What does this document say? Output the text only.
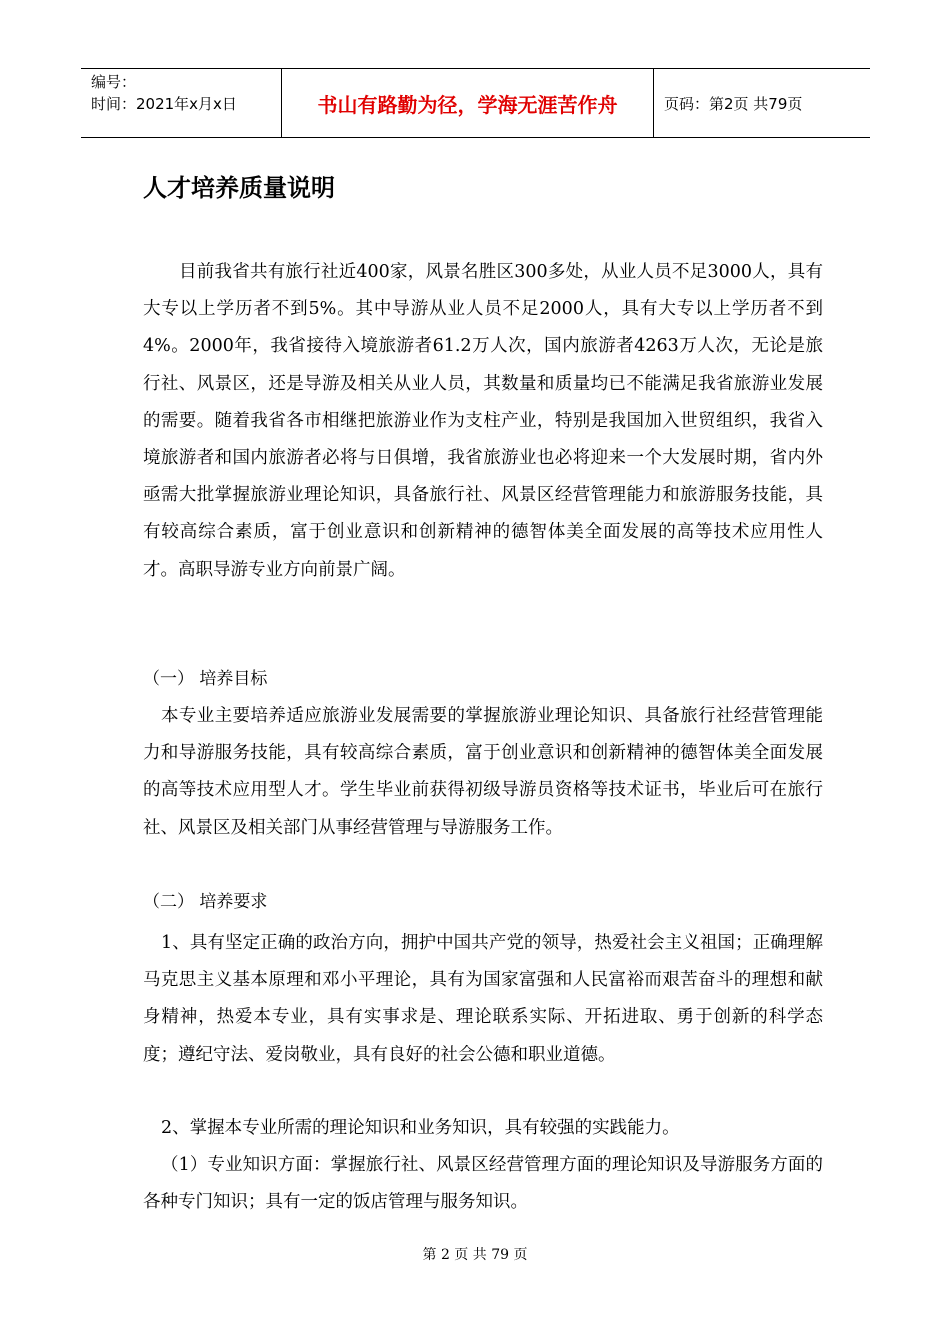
编号：
时间：2021年x月x日	书山有路勤为径，学海无涯苦作舟	页码：第2页 共79页
人才培养质量说明

目前我省共有旅行社近400家，风景名胜区300多处，从业人员不足3000人，具有大专以上学历者不到5%。其中导游从业人员不足2000人，具有大专以上学历者不到4%。2000年，我省接待入境旅游者61.2万人次，国内旅游者4263万人次，无论是旅行社、风景区，还是导游及相关从业人员，其数量和质量均已不能满足我省旅游业发展的需要。随着我省各市相继把旅游业作为支柱产业，特别是我国加入世贸组织，我省入境旅游者和国内旅游者必将与日俱增，我省旅游业也必将迎来一个大发展时期，省内外亟需大批掌握旅游业理论知识，具备旅行社、风景区经营管理能力和旅游服务技能，具有较高综合素质，富于创业意识和创新精神的德智体美全面发展的高等技术应用性人才。高职导游专业方向前景广阔。

（一） 培养目标

本专业主要培养适应旅游业发展需要的掌握旅游业理论知识、具备旅行社经营管理能力和导游服务技能，具有较高综合素质，富于创业意识和创新精神的德智体美全面发展的高等技术应用型人才。学生毕业前获得初级导游员资格等技术证书，毕业后可在旅行社、风景区及相关部门从事经营管理与导游服务工作。

（二） 培养要求

1、具有坚定正确的政治方向，拥护中国共产党的领导，热爱社会主义祖国；正确理解马克思主义基本原理和邓小平理论，具有为国家富强和人民富裕而艰苦奋斗的理想和献身精神，热爱本专业，具有实事求是、理论联系实际、开拓进取、勇于创新的科学态度；遵纪守法、爱岗敬业，具有良好的社会公德和职业道德。

2、掌握本专业所需的理论知识和业务知识，具有较强的实践能力。

（1）专业知识方面：掌握旅行社、风景区经营管理方面的理论知识及导游服务方面的各种专门知识；具有一定的饭店管理与服务知识。

第 2 页 共 79 页
